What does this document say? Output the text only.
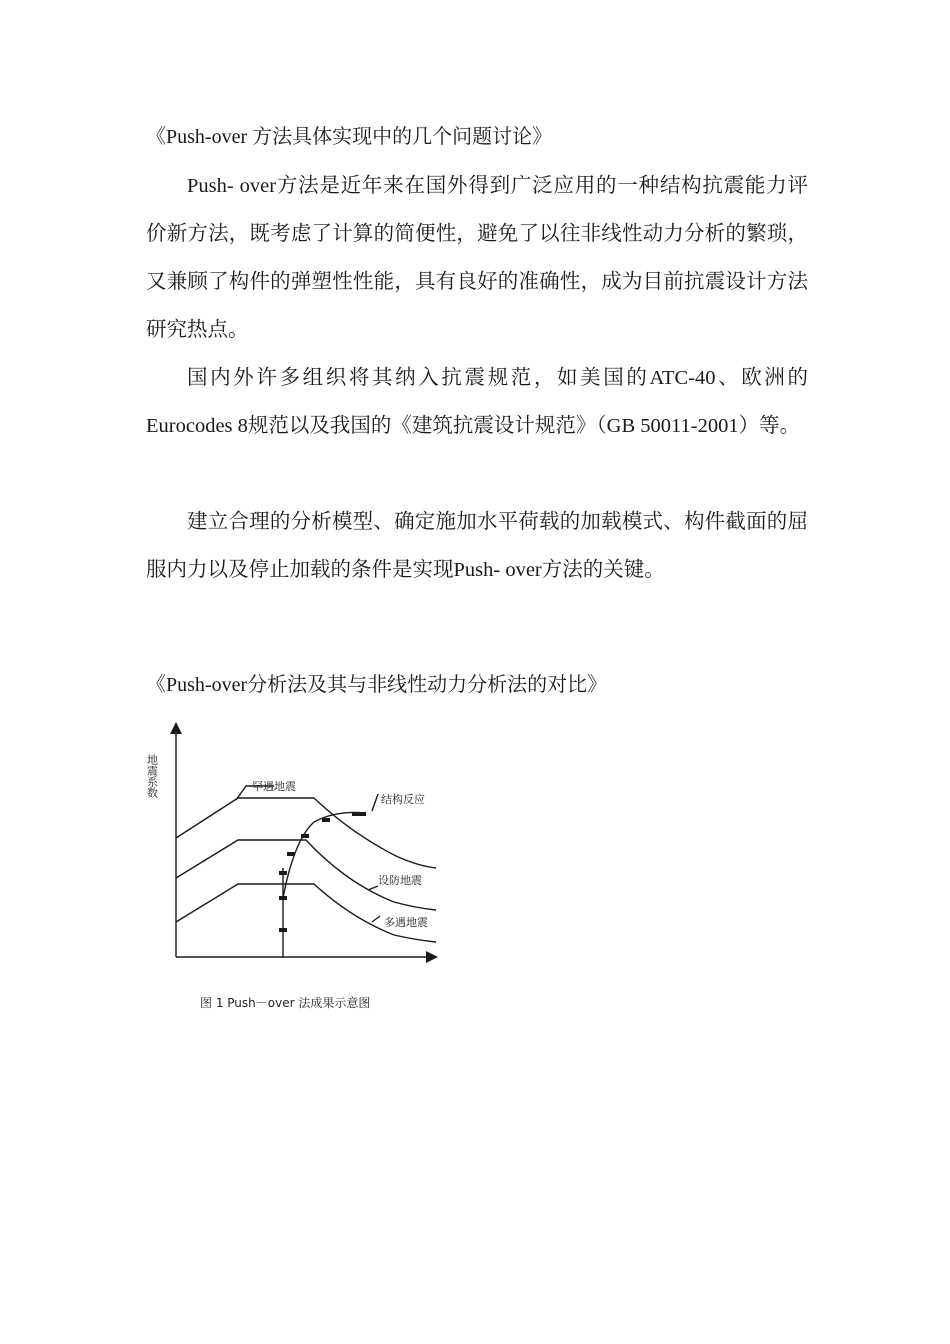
《Push-over 方法具体实现中的几个问题讨论》

Push- over方法是近年来在国外得到广泛应用的一种结构抗震能力评价新方法，既考虑了计算的简便性，避免了以往非线性动力分析的繁琐，又兼顾了构件的弹塑性性能，具有良好的准确性，成为目前抗震设计方法研究热点。

国内外许多组织将其纳入抗震规范，如美国的ATC-40、欧洲的Eurocodes 8规范以及我国的《建筑抗震设计规范》（GB 50011-2001）等。

建立合理的分析模型、确定施加水平荷载的加载模式、构件截面的屈服内力以及停止加载的条件是实现Push- over方法的关键。

《Push-over分析法及其与非线性动力分析法的对比》
地震系数	罕遇地震
结构反应
设防地震
多遇地震
图 1 Push－over 法成果示意图
